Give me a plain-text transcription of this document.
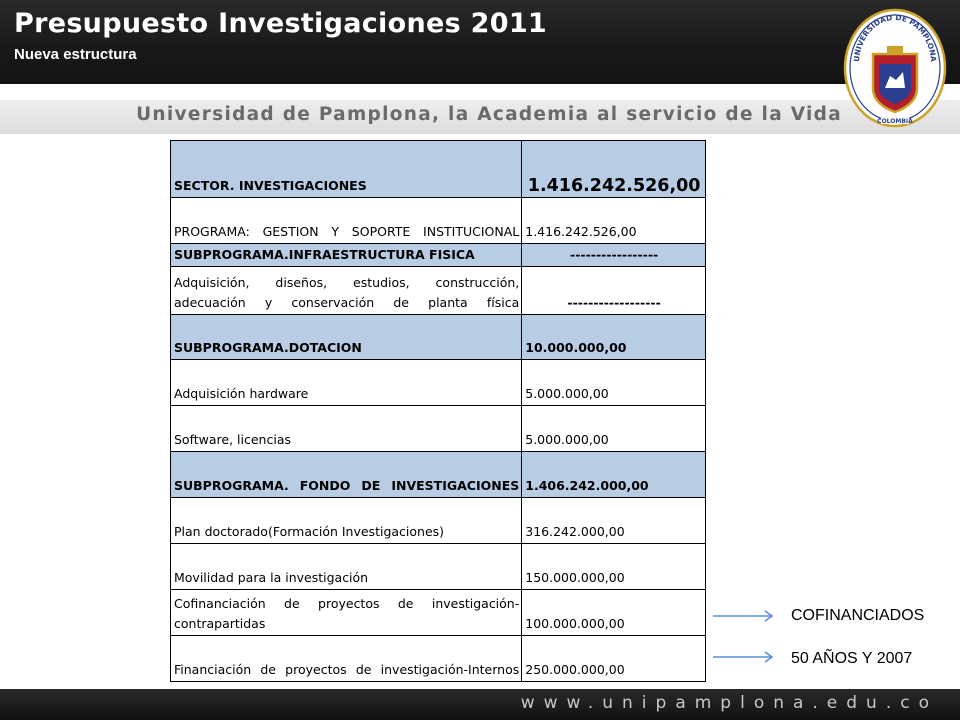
Presupuesto Investigaciones 2011
Nueva estructura
Universidad de Pamplona, la Academia al servicio de la Vida
UNIVERSIDAD DE PAMPLONA
COLOMBIA
SECTOR. INVESTIGACIONES	1.416.242.526,00
PROGRAMA: GESTION Y SOPORTE INSTITUCIONAL	1.416.242.526,00
SUBPROGRAMA.INFRAESTRUCTURA FISICA	-----------------
Adquisición, diseños, estudios, construcción, adecuación y conservación de planta física	------------------
SUBPROGRAMA.DOTACION	10.000.000,00
Adquisición hardware	5.000.000,00
Software, licencias	5.000.000,00
SUBPROGRAMA. FONDO DE INVESTIGACIONES	1.406.242.000,00
Plan doctorado(Formación Investigaciones)	316.242.000,00
Movilidad para la investigación	150.000.000,00
Cofinanciación de proyectos de investigación-contrapartidas	100.000.000,00
Financiación de proyectos de investigación-Internos	250.000.000,00
COFINANCIADOS
50 AÑOS Y 2007
www.unipamplona.edu.co
